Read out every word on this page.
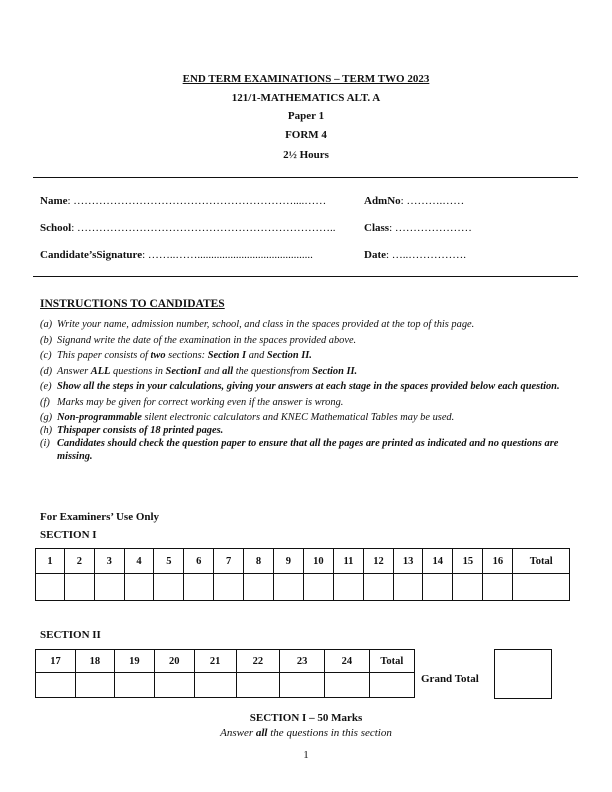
END TERM EXAMINATIONS – TERM TWO 2023
121/1-MATHEMATICS ALT. A
Paper 1
FORM 4
2½ Hours
Name: ……………………………………………………....……	AdmNo: ……….……
School: ……………………………………………………………..	Class: …………………
Candidate’sSignature: ……..……..........................................	Date: …..…………….
INSTRUCTIONS TO CANDIDATES
(a) Write your name, admission number, school, and class in the spaces provided at the top of this page.
(b) Signand write the date of the examination in the spaces provided above.
(c) This paper consists of two sections: Section I and Section II.
(d) Answer ALL questions in SectionI and all the questionsfrom Section II.
(e) Show all the steps in your calculations, giving your answers at each stage in the spaces provided below each question.
(f) Marks may be given for correct working even if the answer is wrong.
(g) Non-programmable silent electronic calculators and KNEC Mathematical Tables may be used.
(h) Thispaper consists of 18 printed pages.
(i) Candidates should check the question paper to ensure that all the pages are printed as indicated and no questions are missing.
For Examiners’ Use Only
SECTION I
1	2	3	4	5	6	7	8	9	10	11	12	13	14	15	16	Total

SECTION II
17	18	19	20	21	22	23	24	Total

Grand Total
SECTION I – 50 Marks
Answer all the questions in this section
1
